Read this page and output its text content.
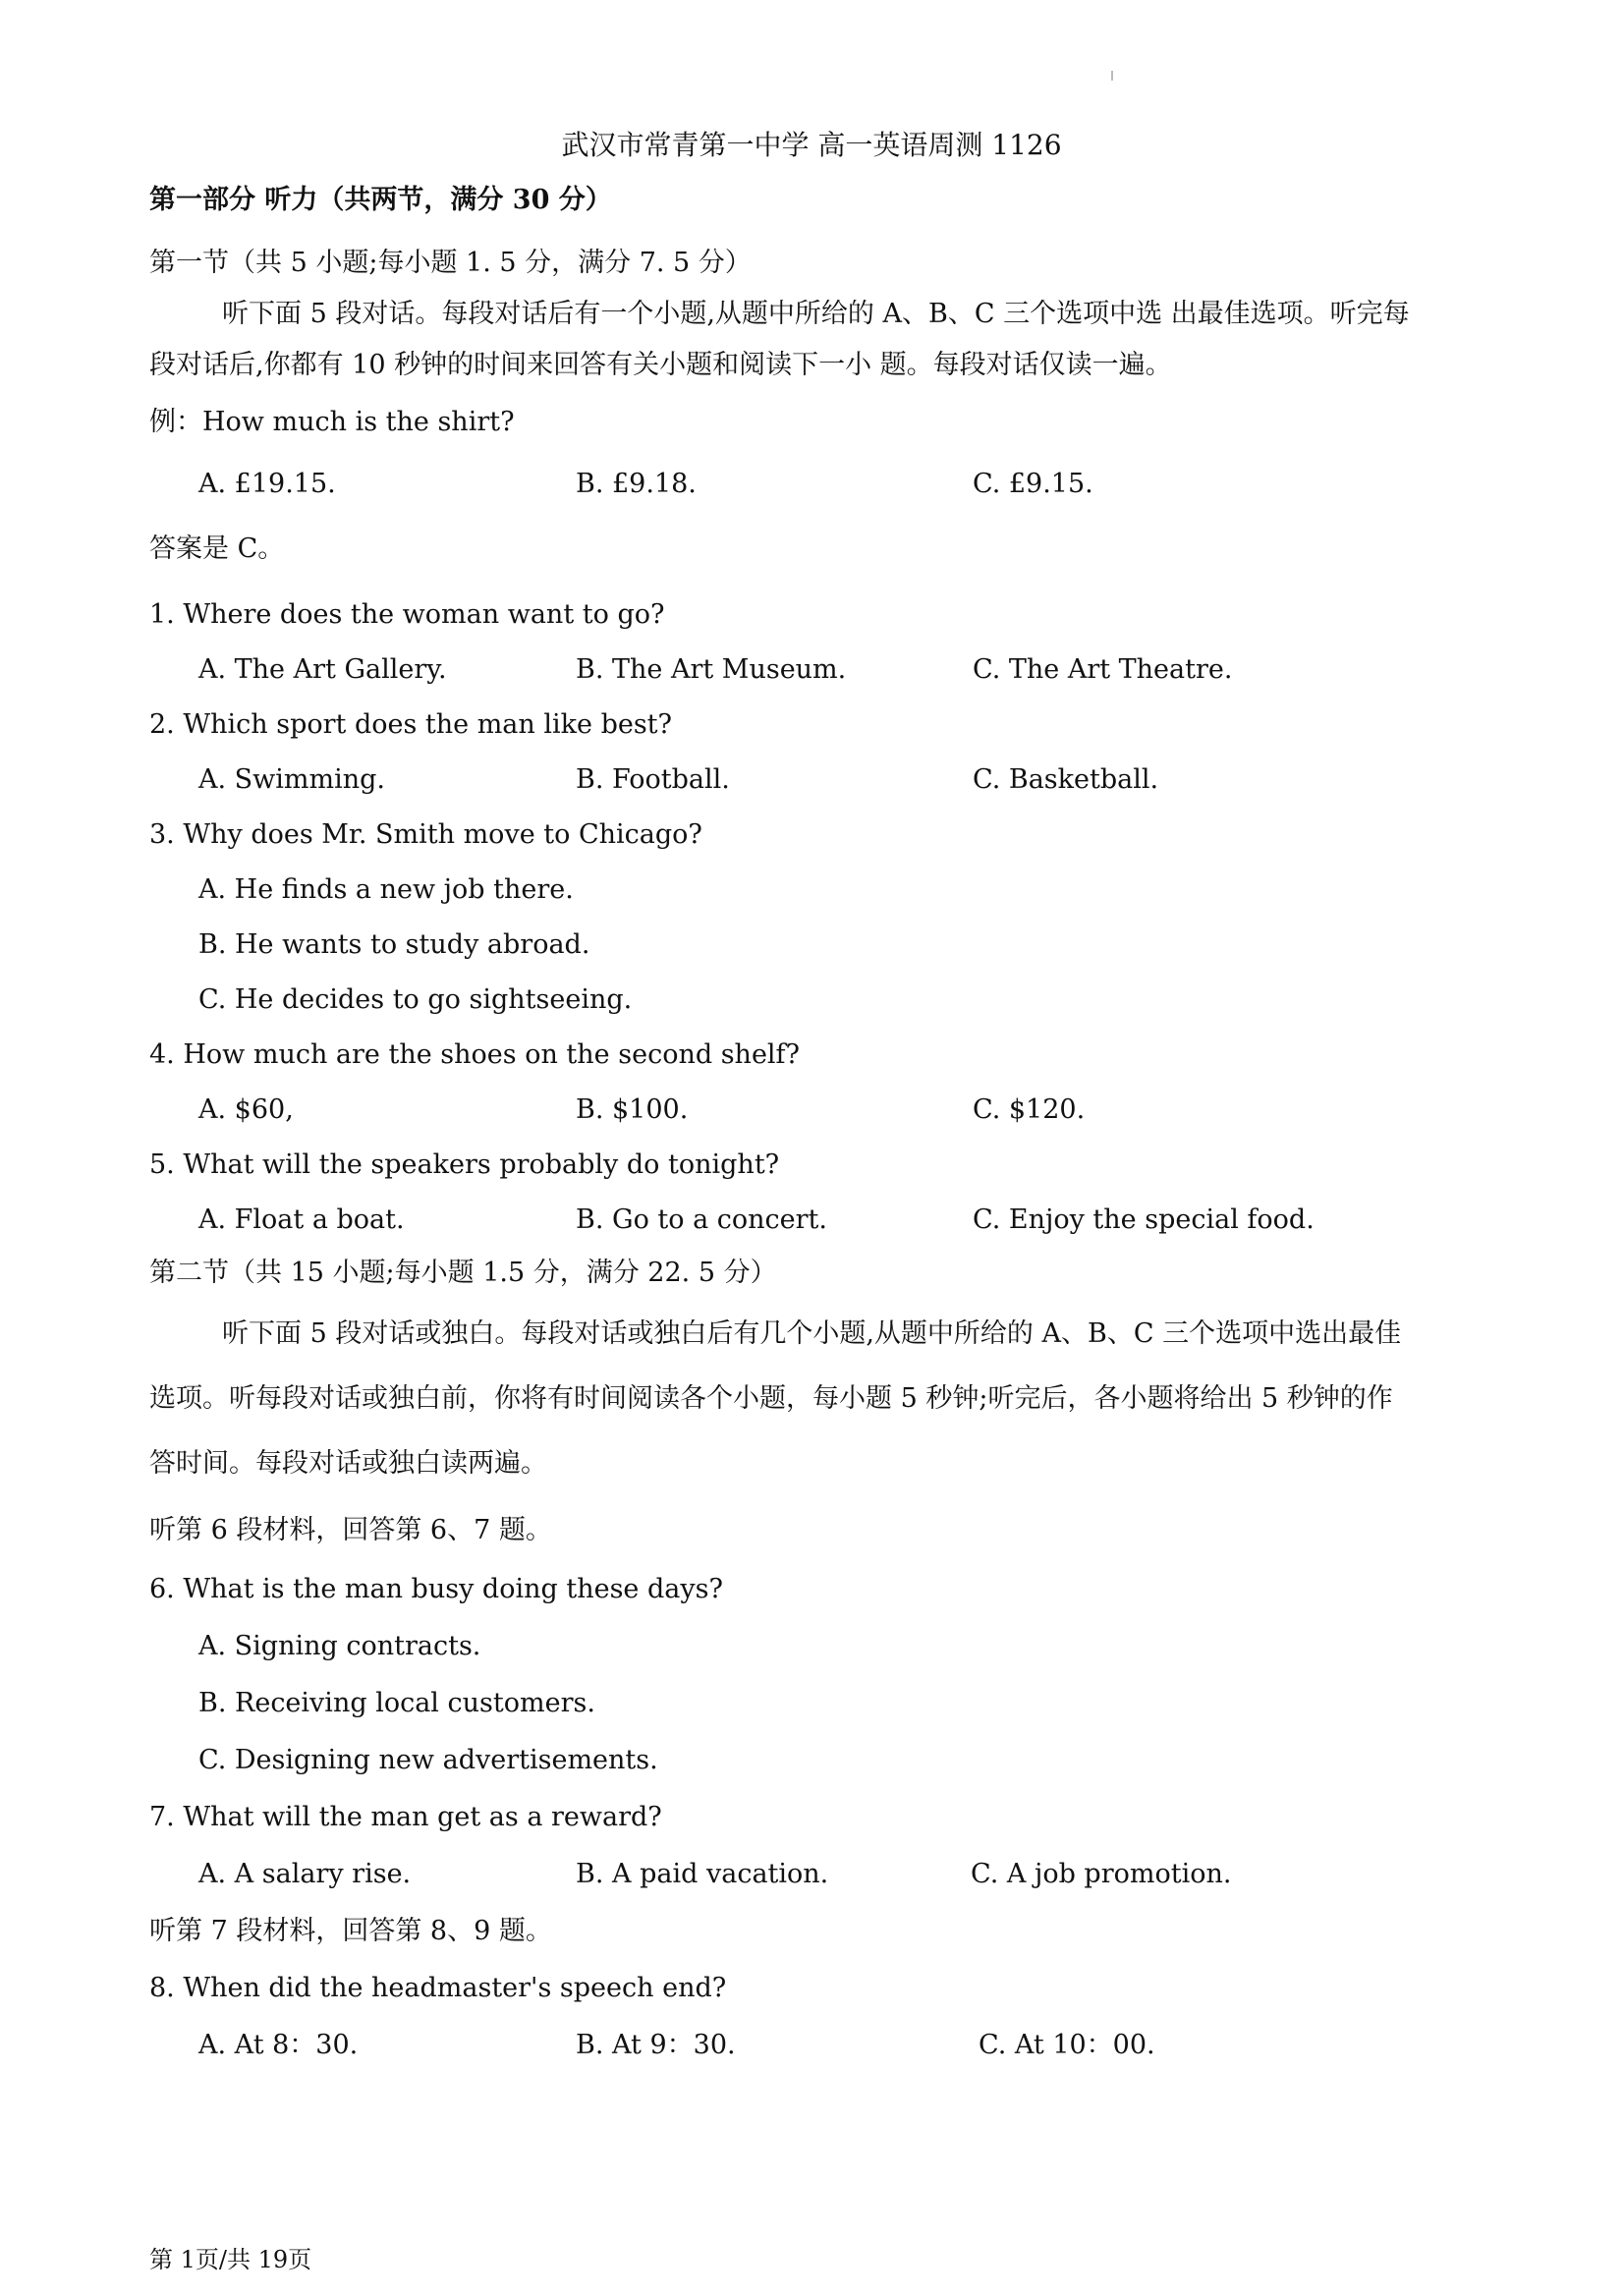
武汉市常青第一中学 高一英语周测 1126
第一部分 听力（共两节，满分 30 分）
第一节（共 5 小题;每小题 1. 5 分，满分 7. 5 分）
听下面 5 段对话。每段对话后有一个小题,从题中所给的 A、B、C 三个选项中选 出最佳选项。听完每
段对话后,你都有 10 秒钟的时间来回答有关小题和阅读下一小 题。每段对话仅读一遍。
例：How much is the shirt?
A. £19.15.	B. £9.18.	C. £9.15.
答案是 C。
1. Where does the woman want to go?
A. The Art Gallery.	B. The Art Museum.	C. The Art Theatre.
2. Which sport does the man like best?
A. Swimming.	B. Football.	C. Basketball.
3. Why does Mr. Smith move to Chicago?
A. He finds a new job there.
B. He wants to study abroad.
C. He decides to go sightseeing.
4. How much are the shoes on the second shelf?
A. $60,	B. $100.	C. $120.
5. What will the speakers probably do tonight?
A. Float a boat.	B. Go to a concert.	C. Enjoy the special food.
第二节（共 15 小题;每小题 1.5 分，满分 22. 5 分）
听下面 5 段对话或独白。每段对话或独白后有几个小题,从题中所给的 A、B、C 三个选项中选出最佳
选项。听每段对话或独白前，你将有时间阅读各个小题，每小题 5 秒钟;听完后，各小题将给出 5 秒钟的作
答时间。每段对话或独白读两遍。
听第 6 段材料，回答第 6、7 题。
6. What is the man busy doing these days?
A. Signing contracts.
B. Receiving local customers.
C. Designing new advertisements.
7. What will the man get as a reward?
A. A salary rise.	B. A paid vacation.	C. A job promotion.
听第 7 段材料，回答第 8、9 题。
8. When did the headmaster's speech end?
A. At 8：30.	B. At 9：30.	C. At 10：00.
第 1页/共 19页
